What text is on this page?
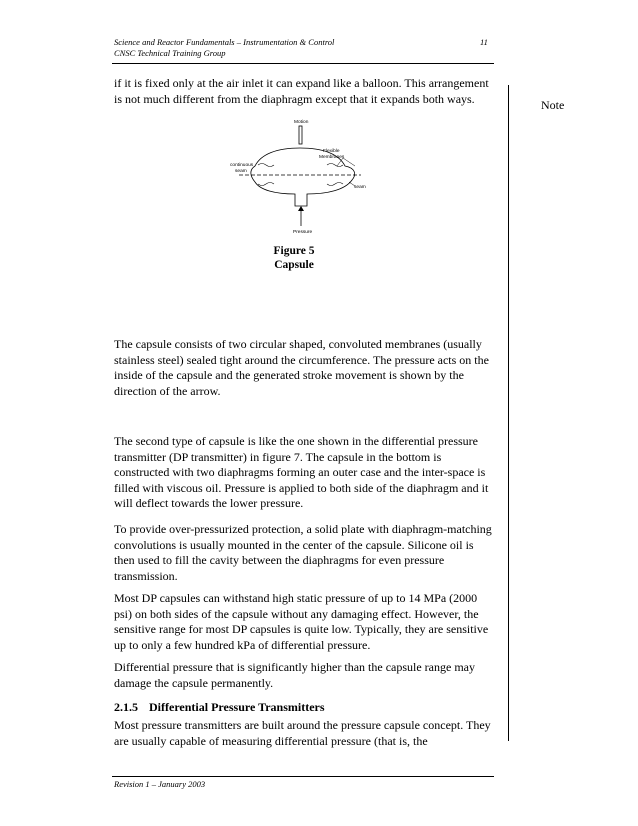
Science and Reactor Fundamentals – Instrumentation & Control
CNSC Technical Training Group
11
Note

if it is fixed only at the air inlet it can expand like a balloon. This arrangement is not much different from the diaphragm except that it expands both ways.

Motion
Flexible
Membranes
continuous
seam
seam
Pressure
Figure 5
Capsule

The capsule consists of two circular shaped, convoluted membranes (usually stainless steel) sealed tight around the circumference. The pressure acts on the inside of the capsule and the generated stroke movement is shown by the direction of the arrow.

The second type of capsule is like the one shown in the differential pressure transmitter (DP transmitter) in figure 7. The capsule in the bottom is constructed with two diaphragms forming an outer case and the inter-space is filled with viscous oil. Pressure is applied to both side of the diaphragm and it will deflect towards the lower pressure.

To provide over-pressurized protection, a solid plate with diaphragm-matching convolutions is usually mounted in the center of the capsule. Silicone oil is then used to fill the cavity between the diaphragms for even pressure transmission.

Most DP capsules can withstand high static pressure of up to 14 MPa (2000 psi) on both sides of the capsule without any damaging effect. However, the sensitive range for most DP capsules is quite low. Typically, they are sensitive up to only a few hundred kPa of differential pressure.

Differential pressure that is significantly higher than the capsule range may damage the capsule permanently.

2.1.5 Differential Pressure Transmitters

Most pressure transmitters are built around the pressure capsule concept. They are usually capable of measuring differential pressure (that is, the

Revision 1 – January 2003
